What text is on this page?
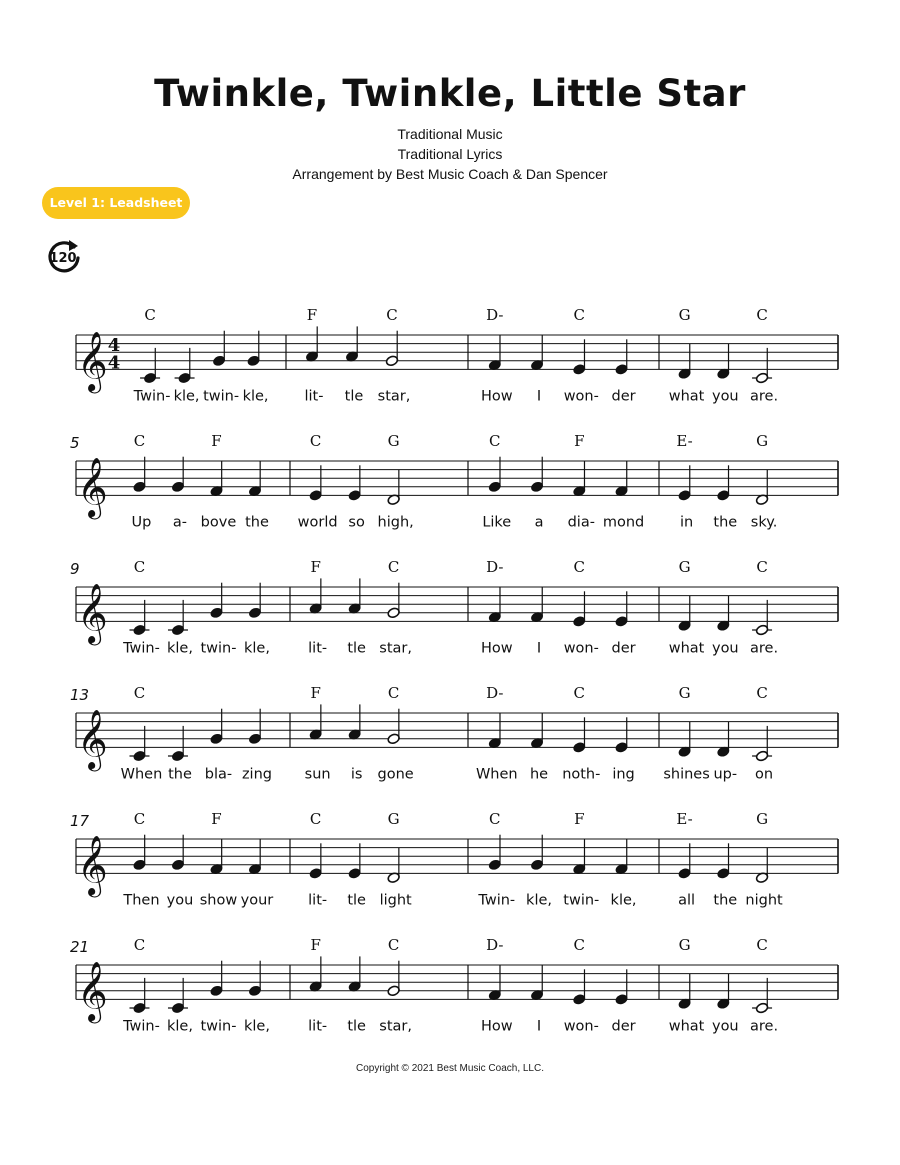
Twinkle, Twinkle, Little Star
Traditional Music
Traditional Lyrics
Arrangement by Best Music Coach & Dan Spencer
Level 1: Leadsheet
120
𝄞 4
4
C	F	C	D-	C	G	C
Twin- kle, twin- kle, lit- tle star,	How I won- der what you are.
𝄞
5	C	F	C	G	C	F	E-	G
Up a- bove the world so high,	Like a dia- mond in the sky.
𝄞
9	C	F	C	D-	C	G	C
Twin- kle, twin- kle,	lit- tle star,	How I won- der what you are.
𝄞
13	C	F	C	D-	C	G	C
When the bla- zing sun is gone	When he noth- ing shines up- on
𝄞
17	C	F	C	G	C	F	E-	G
Then you show your lit- tle light	Twin- kle, twin- kle,	all the night
𝄞
21	C	F	C	D-	C	G	C
Twin- kle, twin- kle,	lit- tle star,	How I won- der what you are.
Copyright © 2021 Best Music Coach, LLC.
